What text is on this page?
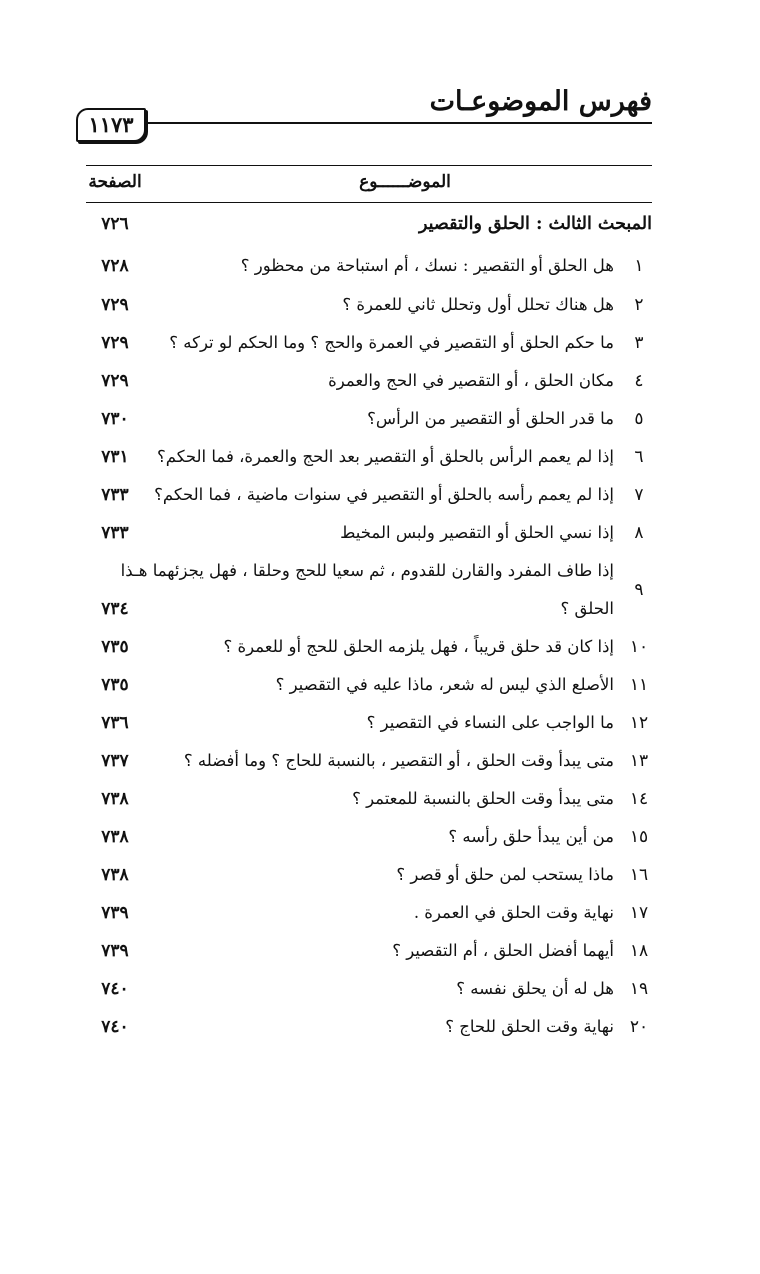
فهرس الموضوعـات
١١٧٣
الموضــــــوع
الصفحة
المبحث الثالث : الحلق والتقصير
٧٢٦
١
هل الحلق أو التقصير : نسك ، أم استباحة من محظور ؟
٧٢٨
٢
هل هناك تحلل أول وتحلل ثاني للعمرة ؟
٧٢٩
٣
ما حكم الحلق أو التقصير في العمرة والحج ؟ وما الحكم لو تركه ؟
٧٢٩
٤
مكان الحلق ، أو التقصير في الحج والعمرة
٧٢٩
٥
ما قدر الحلق أو التقصير من الرأس؟
٧٣٠
٦
إذا لم يعمم الرأس بالحلق أو التقصير بعد الحج والعمرة، فما الحكم؟
٧٣١
٧
إذا لم يعمم رأسه بالحلق أو التقصير في سنوات ماضية ، فما الحكم؟
٧٣٣
٨
إذا نسي الحلق أو التقصير ولبس المخيط
٧٣٣
٩
إذا طاف المفرد والقارن للقدوم ، ثم سعيا للحج وحلقا ، فهل يجزئهما هـذا
الحلق ؟
٧٣٤
١٠
إذا كان قد حلق قريباً ، فهل يلزمه الحلق للحج أو للعمرة ؟
٧٣٥
١١
الأصلع الذي ليس له شعر، ماذا عليه في التقصير ؟
٧٣٥
١٢
ما الواجب على النساء في التقصير ؟
٧٣٦
١٣
متى يبدأ وقت الحلق ، أو التقصير ، بالنسبة للحاج ؟ وما أفضله ؟
٧٣٧
١٤
متى يبدأ وقت الحلق بالنسبة للمعتمر ؟
٧٣٨
١٥
من أين يبدأ حلق رأسه ؟
٧٣٨
١٦
ماذا يستحب لمن حلق أو قصر ؟
٧٣٨
١٧
نهاية وقت الحلق في العمرة .
٧٣٩
١٨
أيهما أفضل الحلق ، أم التقصير ؟
٧٣٩
١٩
هل له أن يحلق نفسه ؟
٧٤٠
٢٠
نهاية وقت الحلق للحاج ؟
٧٤٠
